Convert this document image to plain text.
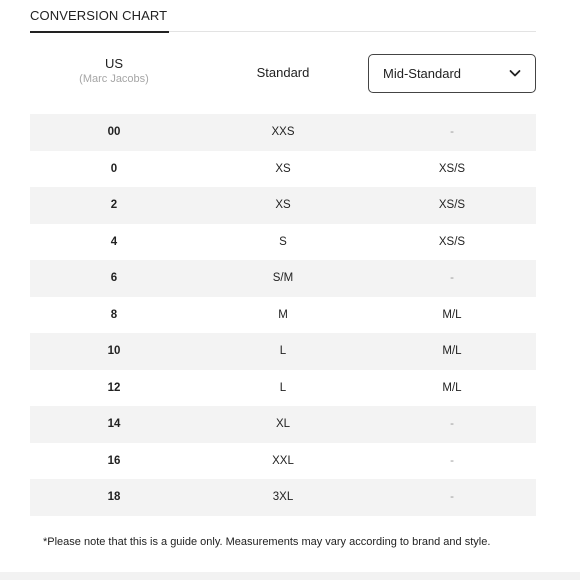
CONVERSION CHART
US
(Marc Jacobs)	Standard	Mid-Standard
00	XXS	-
0	XS	XS/S
2	XS	XS/S
4	S	XS/S
6	S/M	-
8	M	M/L
10	L	M/L
12	L	M/L
14	XL	-
16	XXL	-
18	3XL	-
*Please note that this is a guide only. Measurements may vary according to brand and style.
